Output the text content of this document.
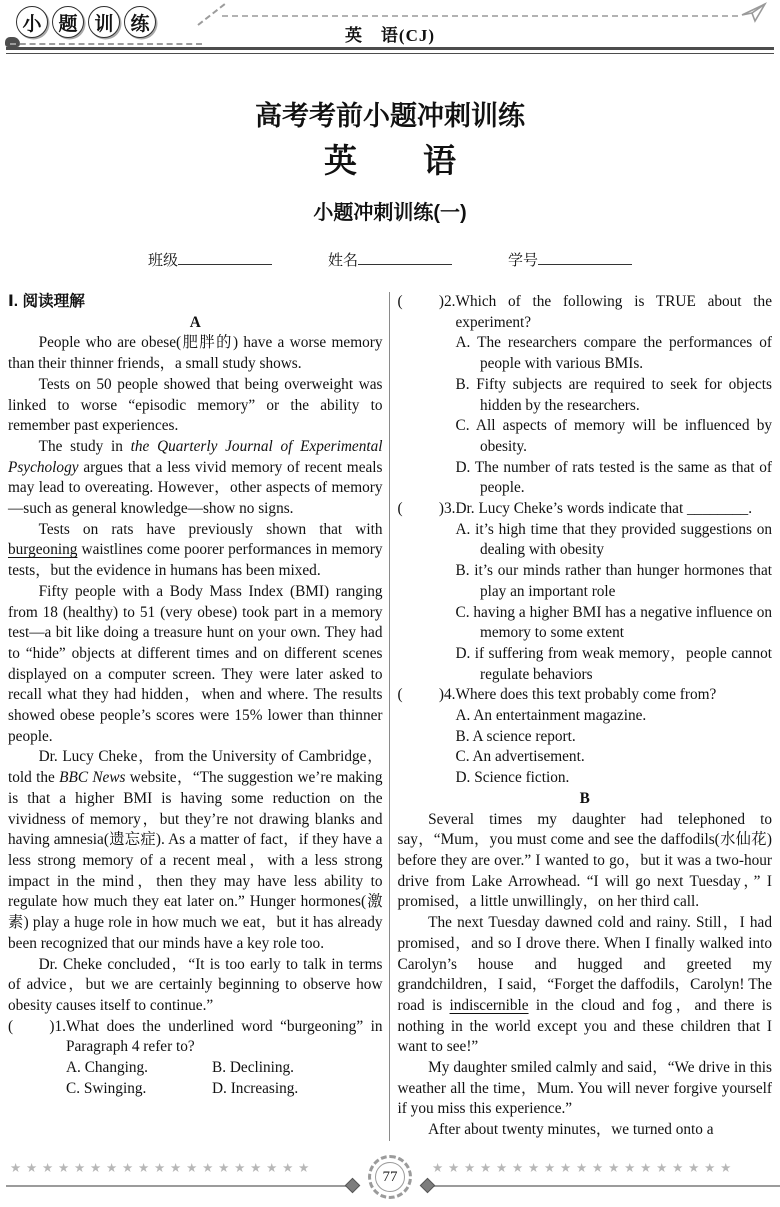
小 题 训 练
英　语(CJ)
高考考前小题冲刺训练
英　　语
小题冲刺训练(一)
班级	姓名	学号
Ⅰ. 阅读理解
A

People who are obese(肥胖的) have a worse memory than their thinner friends，a small study shows.

Tests on 50 people showed that being overweight was linked to worse “episodic memory” or the ability to remember past experiences.

The study in the Quarterly Journal of Experimental Psychology argues that a less vivid memory of recent meals may lead to overeating. However，other aspects of memory—such as general knowledge—show no signs.

Tests on rats have previously shown that with burgeoning waistlines come poorer performances in memory tests，but the evidence in humans has been mixed.

Fifty people with a Body Mass Index (BMI) ranging from 18 (healthy) to 51 (very obese) took part in a memory test—a bit like doing a treasure hunt on your own. They had to “hide” objects at different times and on different scenes displayed on a computer screen. They were later asked to recall what they had hidden，when and where. The results showed obese people’s scores were 15% lower than thinner people.

Dr. Lucy Cheke，from the University of Cambridge，told the BBC News website，“The suggestion we’re making is that a higher BMI is having some reduction on the vividness of memory，but they’re not drawing blanks and having amnesia(遗忘症). As a matter of fact，if they have a less strong memory of a recent meal，with a less strong impact in the mind，then they may have less ability to regulate how much they eat later on.” Hunger hormones(激素) play a huge role in how much we eat，but it has already been recognized that our minds have a key role too.

Dr. Cheke concluded，“It is too early to talk in terms of advice，but we are certainly beginning to observe how obesity causes itself to continue.”

( )1. What does the underlined word “burgeoning” in Paragraph 4 refer to?
A. Changing.	B. Declining.
C. Swinging.	D. Increasing.
( )2. Which of the following is TRUE about the experiment?
A. The researchers compare the performances of people with various BMIs.
B. Fifty subjects are required to seek for objects hidden by the researchers.
C. All aspects of memory will be influenced by obesity.
D. The number of rats tested is the same as that of people.
( )3. Dr. Lucy Cheke’s words indicate that ________.
A. it’s high time that they provided suggestions on dealing with obesity
B. it’s our minds rather than hunger hormones that play an important role
C. having a higher BMI has a negative influence on memory to some extent
D. if suffering from weak memory，people cannot regulate behaviors
( )4. Where does this text probably come from?
A. An entertainment magazine.
B. A science report.
C. An advertisement.
D. Science fiction.
B

Several times my daughter had telephoned to say，“Mum，you must come and see the daffodils(水仙花) before they are over.” I wanted to go，but it was a two-hour drive from Lake Arrowhead. “I will go next Tuesday，” I promised，a little unwillingly，on her third call.

The next Tuesday dawned cold and rainy. Still，I had promised，and so I drove there. When I finally walked into Carolyn’s house and hugged and greeted my grandchildren，I said，“Forget the daffodils，Carolyn! The road is indiscernible in the cloud and fog，and there is nothing in the world except you and these children that I want to see!”

My daughter smiled calmly and said，“We drive in this weather all the time，Mum. You will never forgive yourself if you miss this experience.”

After about twenty minutes，we turned onto a

★★★★★★★★★★★★★★★★★★★
77
★★★★★★★★★★★★★★★★★★★
